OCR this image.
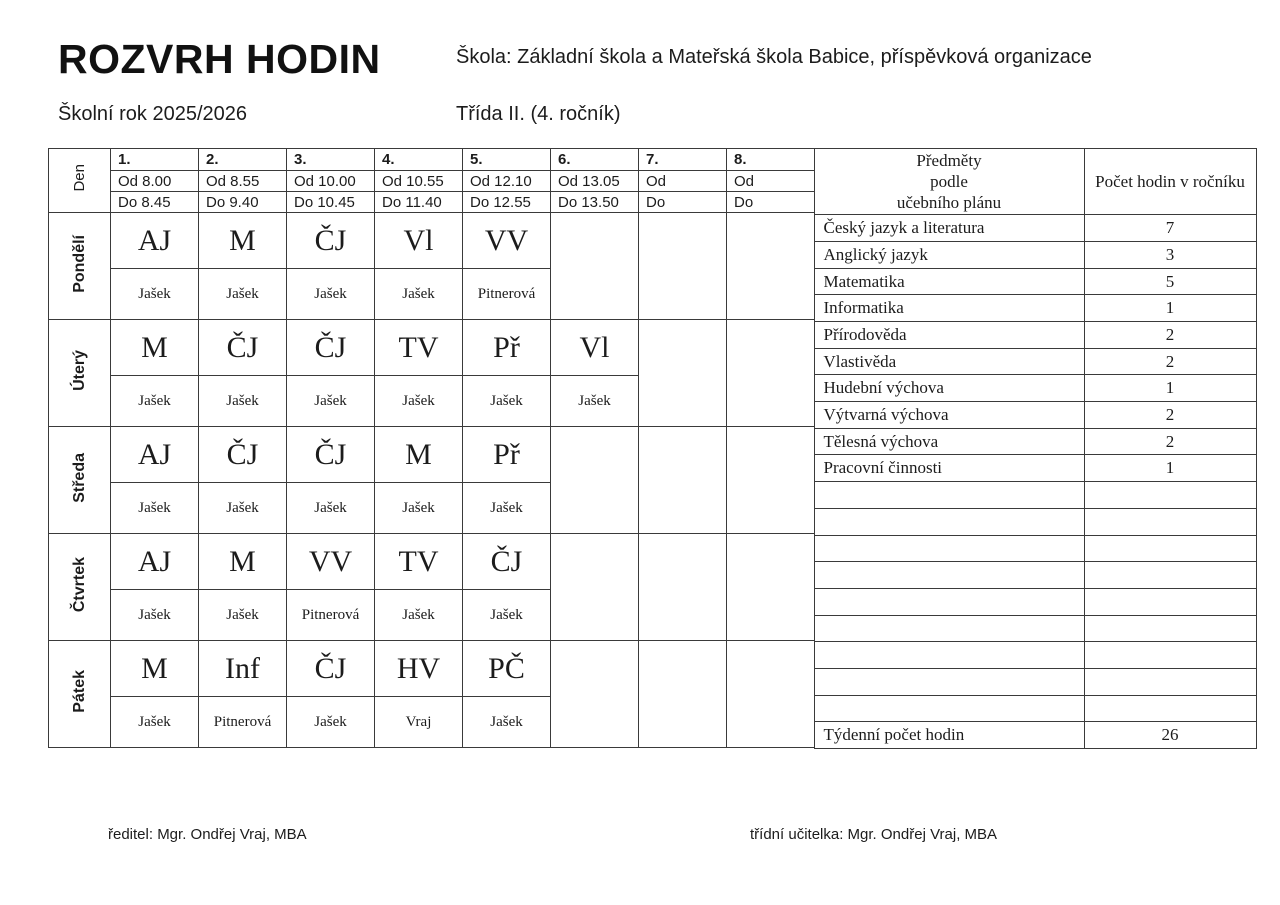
ROZVRH HODIN	Škola: Základní škola a Mateřská škola Babice, příspěvková organizace
Školní rok 2025/2026	Třída II. (4. ročník)
Den	1.	2.	3.	4.	5.	6.	7.	8.
	Od 8.00	Od 8.55	Od 10.00	Od 10.55	Od 12.10	Od 13.05	Od	Od
	Do 8.45	Do 9.40	Do 10.45	Do 11.40	Do 12.55	Do 13.50	Do	Do
Pondělí	AJ	M	ČJ	Vl	VV			
	Jašek	Jašek	Jašek	Jašek	Pitnerová			
Úterý	M	ČJ	ČJ	TV	Př	Vl		
	Jašek	Jašek	Jašek	Jašek	Jašek	Jašek		
Středa	AJ	ČJ	ČJ	M	Př			
	Jašek	Jašek	Jašek	Jašek	Jašek			
Čtvrtek	AJ	M	VV	TV	ČJ			
	Jašek	Jašek	Pitnerová	Jašek	Jašek			
Pátek	M	Inf	ČJ	HV	PČ			
	Jašek	Pitnerová	Jašek	Vraj	Jašek			
Předměty
podle
učebního plánu	Počet hodin v ročníku
Český jazyk a literatura	7
Anglický jazyk	3
Matematika	5
Informatika	1
Přírodověda	2
Vlastivěda	2
Hudební výchova	1
Výtvarná výchova	2
Tělesná výchova	2
Pracovní činnosti	1

Týdenní počet hodin	26
ředitel: Mgr. Ondřej Vraj, MBA	třídní učitelka: Mgr. Ondřej Vraj, MBA
